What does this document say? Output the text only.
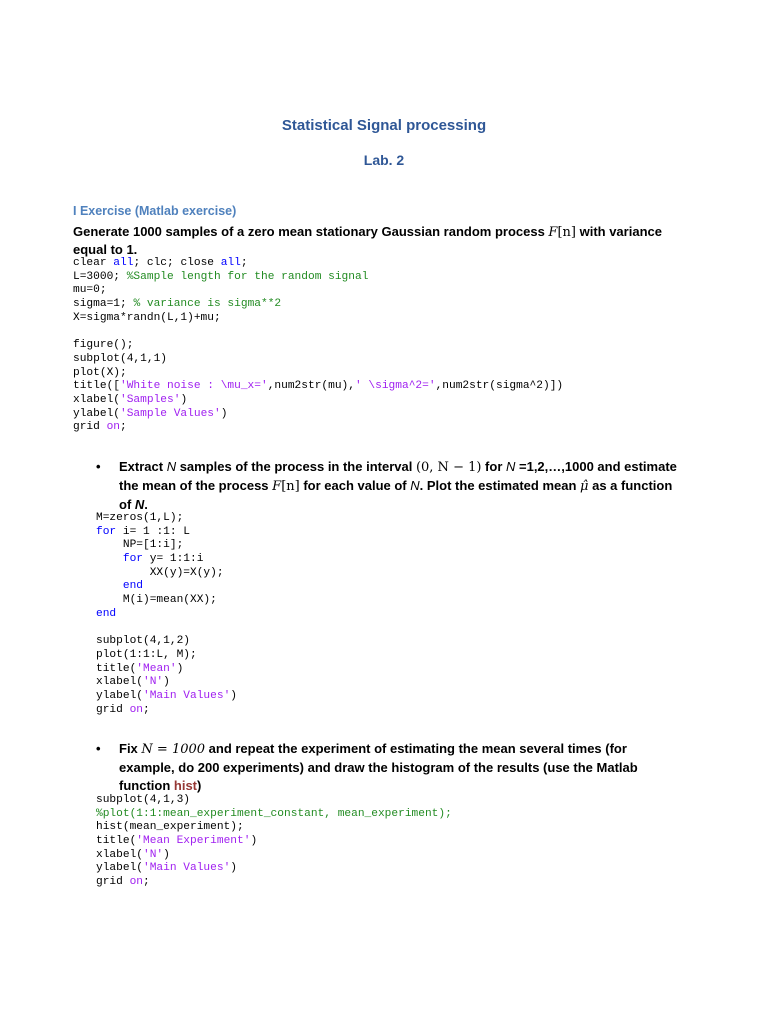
Statistical Signal processing
Lab. 2
I Exercise (Matlab exercise)
Generate 1000 samples of a zero mean stationary Gaussian random process F[n] with variance
equal to 1.
clear all; clc; close all;
L=3000; %Sample length for the random signal
mu=0;
sigma=1; % variance is sigma**2
X=sigma*randn(L,1)+mu;
figure();
subplot(4,1,1)
plot(X);
title(['White noise : \mu_x=',num2str(mu),' \sigma^2=',num2str(sigma^2)])
xlabel('Samples')
ylabel('Sample Values')
grid on;
• Extract N samples of the process in the interval (0, N − 1) for N =1,2,…,1000 and estimate
the mean of the process F[n] for each value of N. Plot the estimated mean μ̂ as a function
of N.
M=zeros(1,L);
for i= 1 :1: L
NP=[1:i];
for y= 1:1:i
XX(y)=X(y);
end
M(i)=mean(XX);
end
subplot(4,1,2)
plot(1:1:L, M);
title('Mean')
xlabel('N')
ylabel('Main Values')
grid on;
• Fix N = 1000 and repeat the experiment of estimating the mean several times (for
example, do 200 experiments) and draw the histogram of the results (use the Matlab
function hist)
subplot(4,1,3)
%plot(1:1:mean_experiment_constant, mean_experiment);
hist(mean_experiment);
title('Mean Experiment')
xlabel('N')
ylabel('Main Values')
grid on;
